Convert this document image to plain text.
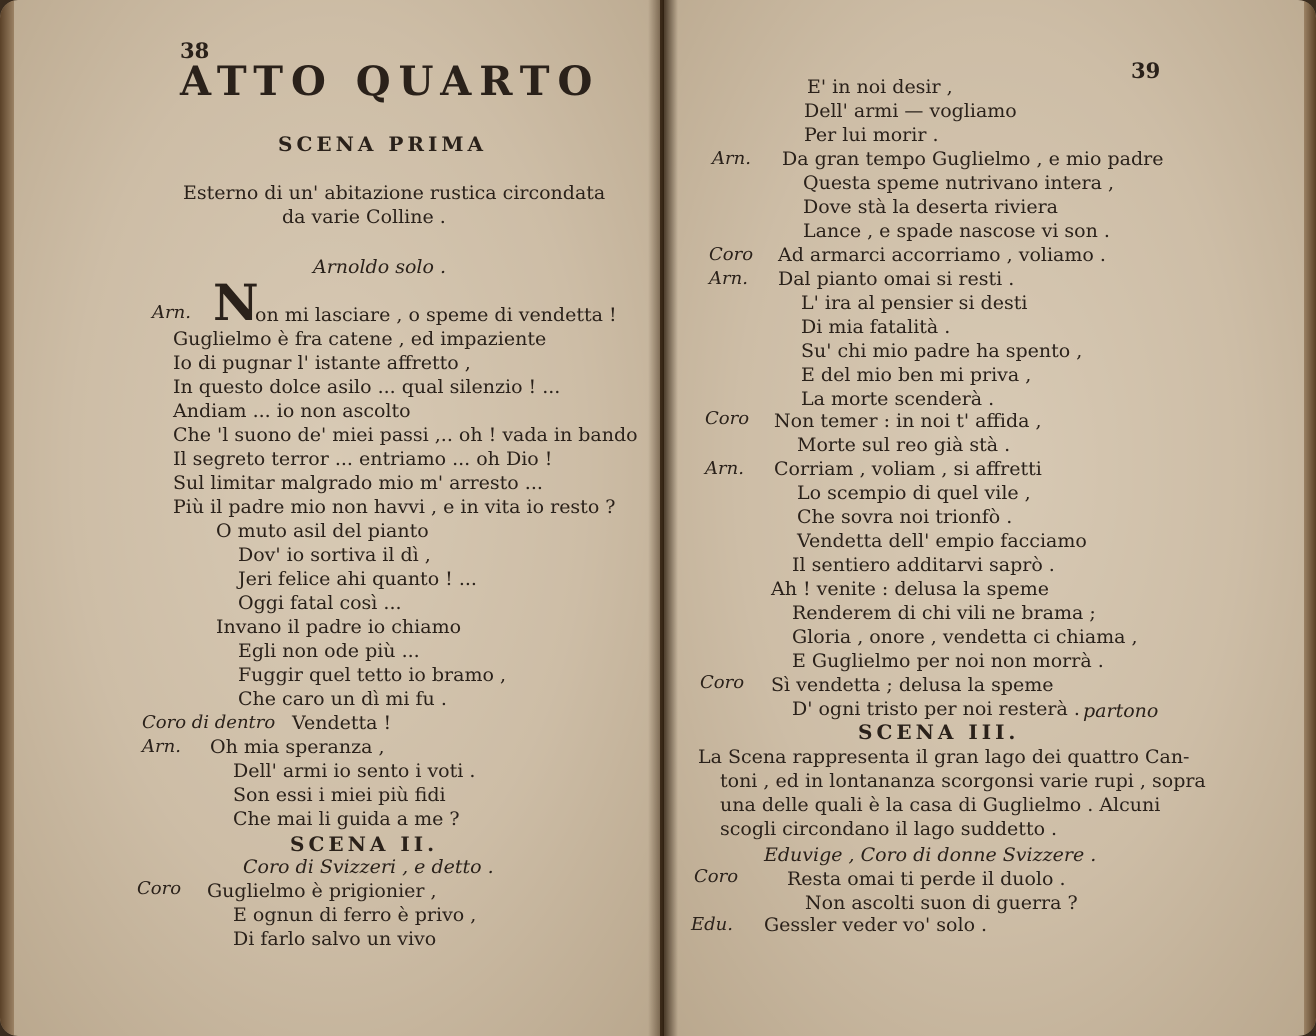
38
ATTO QUARTO
SCENA PRIMA
Esterno di un' abitazione rustica circondata
da varie Colline .
Arnoldo solo .
Arn. N
on mi lasciare , o speme di vendetta !
Guglielmo è fra catene , ed impaziente
Io di pugnar l' istante affretto ,
In questo dolce asilo ... qual silenzio ! ...
Andiam ... io non ascolto
Che 'l suono de' miei passi ,.. oh ! vada in bando
Il segreto terror ... entriamo ... oh Dio !
Sul limitar malgrado mio m' arresto ...
Più il padre mio non havvi , e in vita io resto ?
O muto asil del pianto
Dov' io sortiva il dì ,
Jeri felice ahi quanto ! ...
Oggi fatal così ...
Invano il padre io chiamo
Egli non ode più ...
Fuggir quel tetto io bramo ,
Che caro un dì mi fu .
Coro di dentro Vendetta !
Arn. Oh mia speranza ,
Dell' armi io sento i voti .
Son essi i miei più fidi
Che mai li guida a me ?
SCENA II.
Coro di Svizzeri , e detto .
Coro Guglielmo è prigionier ,
E ognun di ferro è privo ,
Di farlo salvo un vivo
39
E' in noi desir ,
Dell' armi — vogliamo
Per lui morir .
Arn. Da gran tempo Guglielmo , e mio padre
Questa speme nutrivano intera ,
Dove stà la deserta riviera
Lance , e spade nascose vi son .
Coro Ad armarci accorriamo , voliamo .
Arn. Dal pianto omai si resti .
L' ira al pensier si desti
Di mia fatalità .
Su' chi mio padre ha spento ,
E del mio ben mi priva ,
La morte scenderà .
Coro Non temer : in noi t' affida ,
Morte sul reo già stà .
Arn. Corriam , voliam , si affretti
Lo scempio di quel vile ,
Che sovra noi trionfò .
Vendetta dell' empio facciamo
Il sentiero additarvi saprò .
Ah ! venite : delusa la speme
Renderem di chi vili ne brama ;
Gloria , onore , vendetta ci chiama ,
E Guglielmo per noi non morrà .
Coro Sì vendetta ; delusa la speme
D' ogni tristo per noi resterà . partono
SCENA III.
La Scena rappresenta il gran lago dei quattro Can-
toni , ed in lontananza scorgonsi varie rupi , sopra
una delle quali è la casa di Guglielmo . Alcuni
scogli circondano il lago suddetto .
Eduvige , Coro di donne Svizzere .
Coro	Resta omai ti perde il duolo .
Non ascolti suon di guerra ?
Edu. Gessler veder vo' solo .
